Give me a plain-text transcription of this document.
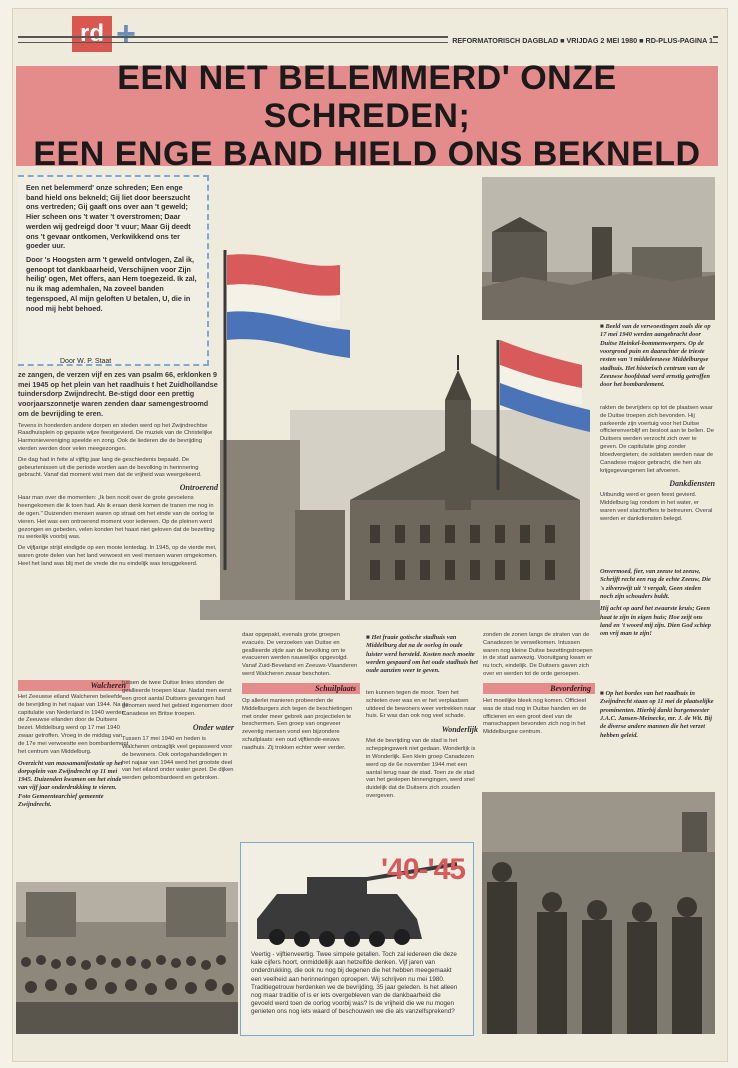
rd +	REFORMATORISCH DAGBLAD ■ VRIJDAG 2 MEI 1980 ■ RD-PLUS-PAGINA 1
EEN NET BELEMMERD' ONZE SCHREDEN;
EEN ENGE BAND HIELD ONS BEKNELD

Een net belemmerd' onze schreden; Een enge band hield ons bekneld; Gij liet door beerszucht ons vertreden; Gij gaaft ons over aan 't geweld; Hier scheen ons 't water 't overstromen; Daar werden wij gedreigd door 't vuur; Maar Gij deedt ons 't gevaar ontkomen, Verkwikkend ons ter goeder uur.

Door 's Hoogsten arm 't geweld ontvlogen, Zal ik, genoopt tot dankbaarheid, Verschijnen voor Zijn heilig' ogen, Met offers, aan Hem toegezeid. Ik zal, nu ik mag ademhalen, Na zoveel banden tegenspoed, Al mijn geloften U betalen, U, die in nood mij hebt behoed.

Door W. P. Staat

ze zangen, de verzen vijf en zes van psalm 66, erklonken 9 mei 1945 op het plein van het raadhuis t het Zuidhollandse tuindersdorp Zwijndrecht. Be-stigd door een prettig voorjaarszonnetje waren zenden daar samengestroomd om de bevrijding te eren.

Tevens in honderden andere dorpen en steden werd op het Zwijndrechtse Raadhuisplein op gepaste wijze feestgevierd. De muziek van de Christelijke Harmonievereniging speelde en zong. Ook de liederen die de bevrijding vierden werden door velen meegezongen.

Die dag had in feite al vijftig jaar lang de geschiedenis bepaald. De gebeurtenissen uit die periode worden aan de bevolking in herinnering gebracht. Vanaf dat moment wist men dat de vrijheid was weergekeerd.

Ontroerend

Haar man over die momenten: „Ik ben nooit over de grote gevoelens heengekomen die ik toen had. Als ik eraan denk komen de tranen me nog in de ogen." Duizenden mensen waren op straat om het einde van de oorlog te vieren. Het was een ontroerend moment voor iedereen. Op de pleinen werd gezongen en gebeden, velen konden het haast niet geloven dat de bezetting nu werkelijk voorbij was.

De vijfjarige strijd eindigde op een mooie lentedag. In 1945, op de vierde mei, waren grote delen van het land verwoest en veel mensen waren omgekomen. Heel het land was blij met de vrede die nu eindelijk was teruggekeerd.

■ Beeld van de verwoestingen zoals die op 17 mei 1940 werden aangebracht door Duitse Heinkel-bommenwerpers. Op de voorgrond puin en daarachter de triestе resten van 't middeleeuwse Middelburgse stadhuis. Het historisch centrum van de Zeeuwse hoofdstad werd ernstig getroffen door het bombardement.

rakten de bevrijders op tot de plaatsen waar de Duitse troepen zich bevonden. Hij parkeerde zijn voertuig voor het Duitse officierenverblijf en besloot aan te bellen. De Duitsers werden verzocht zich over te geven. De capitulatie ging zonder bloedvergieten; de soldaten werden naar de Canadese majoor gebracht, die hen als krijgsgevangenen liet afvoeren.

Dankdiensten

Uitbundig werd er geen feest gevierd. Middelburg lag rondom in het water, er waren veel slachtoffers te betreuren. Overal werden er dankdiensten belegd.

Onvermoed, fier, van zeeuw tot zeeuw, Schrijft recht een rug de echte Zeeuw, Die 's zilverzwijt uit 't vergalt, Geen steden noch zijn schouders buldt.
Hij acht op aard het zwaarste kruis; Geen haat te zijn in eigen huis; Hoe zeijt ons land en 't woord mij zijn. Dien God schiep om vrij man te zijn!
■ Op het bordes van het raadhuis in Zwijndrecht staan op 11 mei de plaatselijke prominenten. Hierbij dankt burgemeester J.A.C. Jansen-Meinecke, mr. J. de Wit. Bij de diverse andere mannen die het verzet hebben geleid.
■ Het fraaie gotische stadhuis van Middelburg dat na de oorlog in oude luister werd hersteld. Kosten noch moeite werden gespaard om het oude stadhuis het oude aanzien weer te geven.

daar opgepakt, evenals grote groepen evacués. De verzoeken van Duitse en geallieerde zijde aan de bevolking om te evacueren werden nauwelijks opgevolgd. Vanaf Zuid-Beveland en Zeeuws-Vlaanderen werd Walcheren zwaar beschoten.

Schuilplaats

Op allerlei manieren probeerden de Middelburgers zich tegen de beschietingen met onder meer gebrek aan projectielen te beschermen. Een groep van ongeveer zeventig mensen vond een bijzondere schuilplaats: een oud vijftiende-eeuws raadhuis. Zij trokken echter weer verder.

ten kunnen tegen de moor. Toen het schieten over was en er het verplaatsen uitdeed de bewoners weer vertrekken naar huis. Er was dan ook nog veel schade.

Wonderlijk

Met de bevrijding van de stad is het scheppingswerk niet gedaan. Wonderlijk is in Wonderlijk. Een klein groep Canadezen werd op de 6e november 1944 met een aantal terug naar de stad. Toen ze de stad van het geslepen binnengingen, werd snel duidelijk dat de Duitsers zich zouden overgeven.

zonden de zonen langs de straten van de Canadezen te verwelkomen. Intussen waren nog kleine Duitse bezettingstroepen in de stad aanwezig. Vooruitgang kwam er nu toch, eindelijk. De Duitsers gaven zich over en werden tot de orde geroepen.

Bevordering

Het moeilijke bleek nog komen. Officieel was de stad nog in Duitse handen en de officieren en een groot deel van de manschappen bevonden zich nog in het Middelburgse centrum.

Walcheren

Het Zeeuwse eiland Walcheren beleefde de bevrijding in het najaar van 1944. Na de capitulatie van Nederland in 1940 werden de Zeeuwse eilanden door de Duitsers bezet. Middelburg werd op 17 mei 1940 zwaar getroffen. Vroeg in de middag van de 17e mei verwoestte een bombardement het centrum van Middelburg.

Overzicht van massamanifestatie op het dorpsplein van Zwijndrecht op 11 mei 1945. Duizenden kwamen om het einde van vijf jaar onderdrukking te vieren. Foto Gemeentearchief gemeente Zwijndrecht.

tussen de twee Duitse linies stonden de geallieerde troepen klaar. Nadat men eerst een groot aantal Duitsers gevangen had genomen werd het gebied ingenomen door Canadese en Britse troepen.

Onder water

Tussen 17 mei 1940 en heden is Walcheren ontzaglijk veel gepasseerd voor de bewoners. Ook oorlogshandelingen in het najaar van 1944 werd het grootste deel van het eiland onder water gezet. De dijken werden gebombardeerd en gebroken.

'40-'45
Veertig - vijftienveertig. Twee simpele getallen. Toch zal iedereen die deze kale cijfers hoort, onmiddellijk aan hetzelfde denken. Vijf jaren van onderdrukking, die ook nu nog bij degenen die het hebben meegemaakt een veelheid aan herinneringen oproepen. Wij schrijven nu mei 1980. Traditiegetrouw herdenken we de bevrijding, 35 jaar geleden. Is het alleen nog maar traditie of is er iets overgebleven van de dankbaarheid die gevoeld werd toen de oorlog voorbij was? Is de vrijheid die we nu mogen genieten ons nog iets waard of beschouwen we die als vanzelfsprekend?
